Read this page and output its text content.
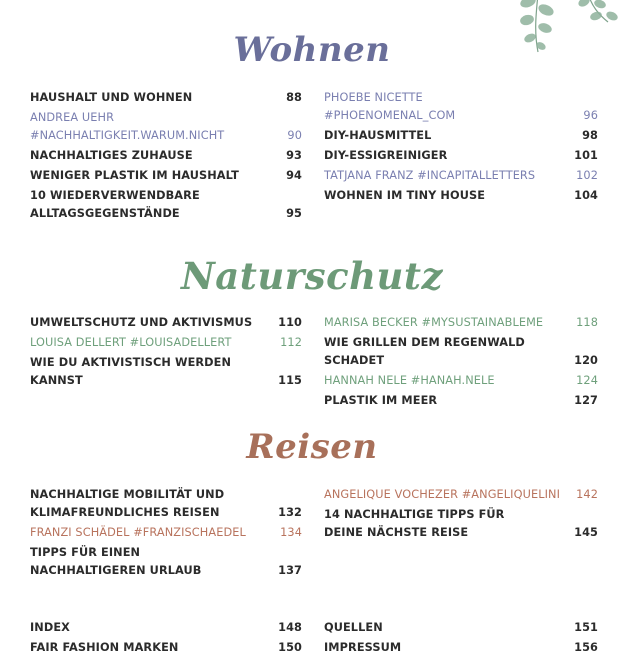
Wohnen
HAUSHALT UND WOHNEN	88
ANDREA UEHR
#NACHHALTIGKEIT.WARUM.NICHT	90
NACHHALTIGES ZUHAUSE	93
WENIGER PLASTIK IM HAUSHALT	94
10 WIEDERVERWENDBARE
ALLTAGSGEGENSTÄNDE	95
PHOEBE NICETTE
#PHOENOMENAL_COM	96
DIY-HAUSMITTEL	98
DIY-ESSIGREINIGER	101
TATJANA FRANZ #INCAPITALLETTERS	102
WOHNEN IM TINY HOUSE	104
Naturschutz
UMWELTSCHUTZ UND AKTIVISMUS	110
LOUISA DELLERT #LOUISADELLERT	112
WIE DU AKTIVISTISCH WERDEN KANNST	115
MARISA BECKER #MYSUSTAINABLEME	118
WIE GRILLEN DEM REGENWALD SCHADET	120
HANNAH NELE #HANAH.NELE	124
PLASTIK IM MEER	127
Reisen
NACHHALTIGE MOBILITÄT UND
KLIMAFREUNDLICHES REISEN	132
FRANZI SCHÄDEL #FRANZISCHAEDEL	134
TIPPS FÜR EINEN
NACHHALTIGEREN URLAUB	137
ANGELIQUE VOCHEZER #ANGELIQUELINI	142
14 NACHHALTIGE TIPPS FÜR
DEINE NÄCHSTE REISE	145
INDEX	148
FAIR FASHION MARKEN	150
QUELLEN	151
IMPRESSUM	156
